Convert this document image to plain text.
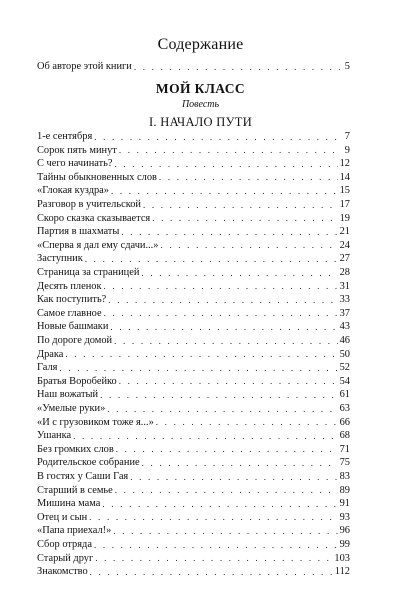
Содержание
Об авторе этой книги . . .	5
МОЙ КЛАСС
Повесть
I. НАЧАЛО ПУТИ
1-е сентября . . .	7
Сорок пять минут . . .	9
С чего начинать? . . .	12
Тайны обыкновенных слов . . .	14
«Глокая куздра» . . .	15
Разговор в учительской . . .	17
Скоро сказка сказывается . . .	19
Партия в шахматы . . .	21
«Сперва я дал ему сдачи...» . . .	24
Заступник . . .	27
Страница за страницей . . .	28
Десять пленок . . .	31
Как поступить? . . .	33
Самое главное . . .	37
Новые башмаки . . .	43
По дороге домой . . .	46
Драка . . .	50
Галя . . .	52
Братья Воробейко . . .	54
Наш вожатый . . .	61
«Умелые руки» . . .	63
«И с грузовиком тоже я...» . . .	66
Ушанка . . .	68
Без громких слов . . .	71
Родительское собрание . . .	75
В гостях у Саши Гая . . .	83
Старший в семье . . .	89
Мишина мама . . .	91
Отец и сын . . .	93
«Папа приехал!» . . .	96
Сбор отряда . . .	99
Старый друг . . .	103
Знакомство . . .	112
